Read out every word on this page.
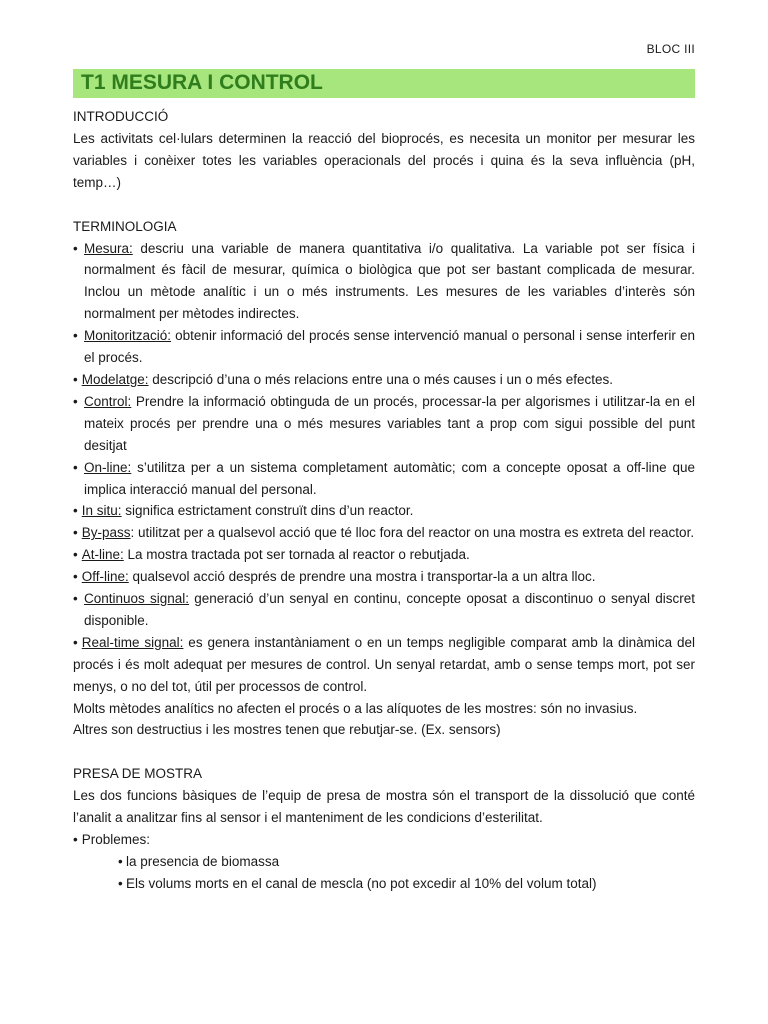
BLOC III
T1 MESURA I CONTROL

INTRODUCCIÓ

Les activitats cel·lulars determinen la reacció del bioprocés, es necesita un monitor per mesurar les variables i conèixer totes les variables operacionals del procés i quina és la seva influència (pH, temp…)

TERMINOLOGIA

• Mesura: descriu una variable de manera quantitativa i/o qualitativa. La variable pot ser física i normalment és fàcil de mesurar, química o biològica que pot ser bastant complicada de mesurar. Inclou un mètode analític i un o més instruments. Les mesures de les variables d’interès són normalment per mètodes indirectes.
• Monitorització: obtenir informació del procés sense intervenció manual o personal i sense interferir en el procés.
• Modelatge: descripció d’una o més relacions entre una o més causes i un o més efectes.
• Control: Prendre la informació obtinguda de un procés, processar-la per algorismes i utilitzar-la en el mateix procés per prendre una o més mesures variables tant a prop com sigui possible del punt desitjat
• On-line: s’utilitza per a un sistema completament automàtic; com a concepte oposat a off-line que implica interacció manual del personal.
• In situ: significa estrictament construït dins d’un reactor.
• By-pass: utilitzat per a qualsevol acció que té lloc fora del reactor on una mostra es extreta del reactor.
• At-line: La mostra tractada pot ser tornada al reactor o rebutjada.
• Off-line: qualsevol acció després de prendre una mostra i transportar-la a un altra lloc.
• Continuos signal: generació d’un senyal en continu, concepte oposat a discontinuo o senyal discret disponible.
• Real-time signal: es genera instantàniament o en un temps negligible comparat amb la dinàmica del procés i és molt adequat per mesures de control. Un senyal retardat, amb o sense temps mort, pot ser menys, o no del tot, útil per processos de control.

Molts mètodes analítics no afecten el procés o a las alíquotes de les mostres: són no invasius.

Altres son destructius i les mostres tenen que rebutjar-se. (Ex. sensors)

PRESA DE MOSTRA

Les dos funcions bàsiques de l’equip de presa de mostra són el transport de la dissolució que conté l’analit a analitzar fins al sensor i el manteniment de les condicions d’esterilitat.

• Problemes:
• la presencia de biomassa
• Els volums morts en el canal de mescla (no pot excedir al 10% del volum total)
